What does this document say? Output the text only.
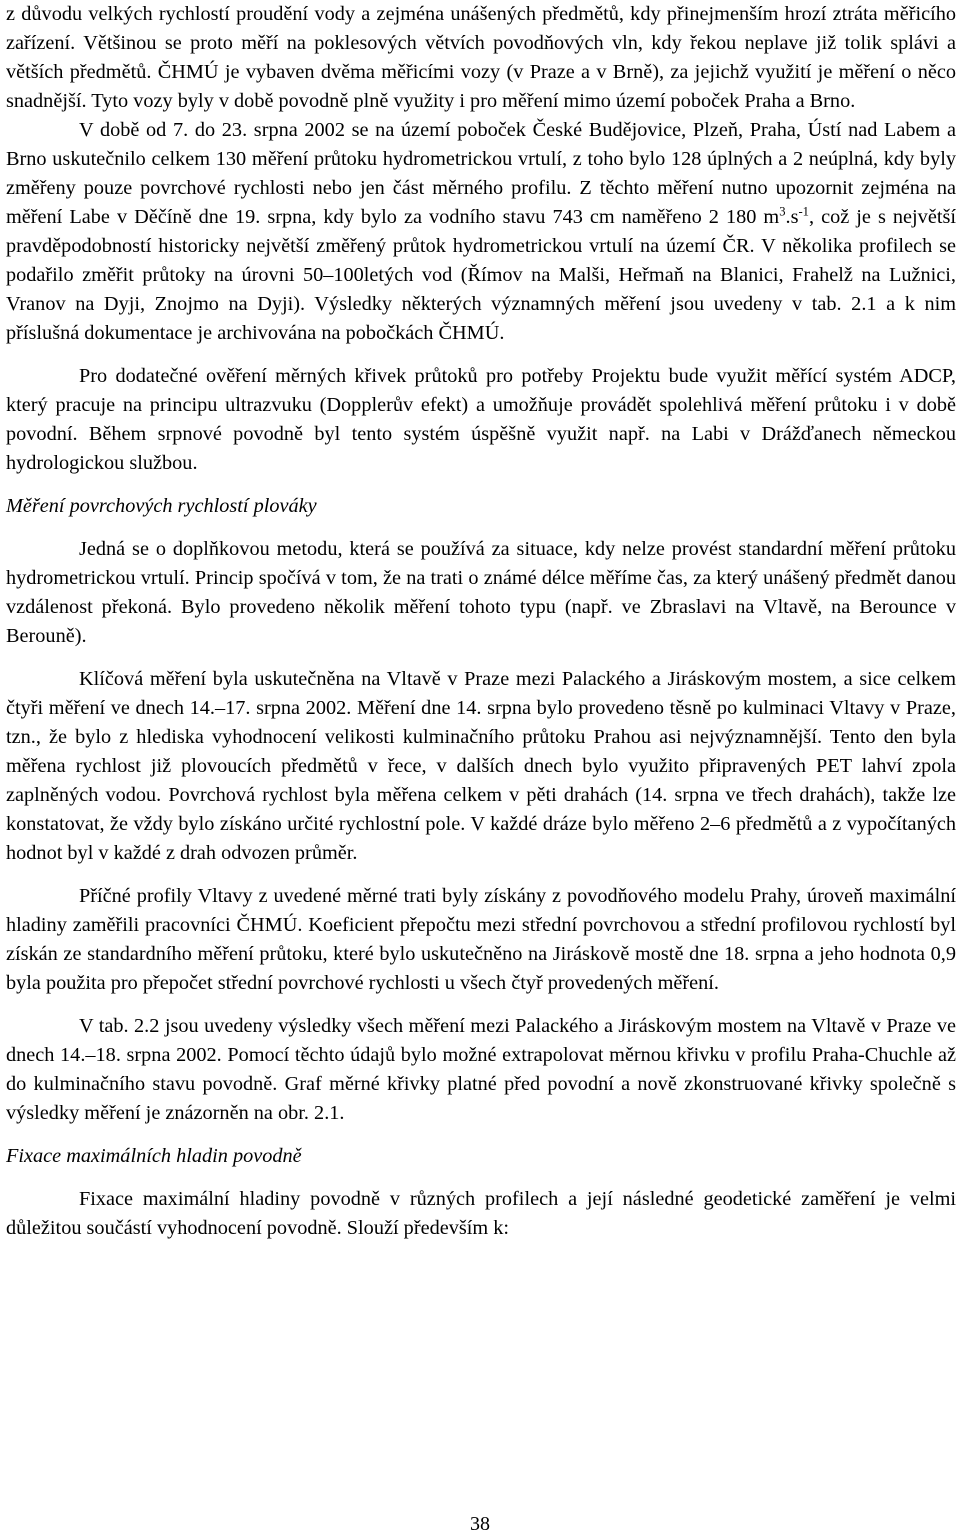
z důvodu velkých rychlostí proudění vody a zejména unášených předmětů, kdy přinejmenším hrozí ztráta měřicího zařízení. Většinou se proto měří na poklesových větvích povodňových vln, kdy řekou neplave již tolik splávi a větších předmětů. ČHMÚ je vybaven dvěma měřicími vozy (v Praze a v Brně), za jejichž využití je měření o něco snadnější. Tyto vozy byly v době povodně plně využity i pro měření mimo území poboček Praha a Brno.

V době od 7. do 23. srpna 2002 se na území poboček České Budějovice, Plzeň, Praha, Ústí nad Labem a Brno uskutečnilo celkem 130 měření průtoku hydrometrickou vrtulí, z toho bylo 128 úplných a 2 neúplná, kdy byly změřeny pouze povrchové rychlosti nebo jen část měrného profilu. Z těchto měření nutno upozornit zejména na měření Labe v Děčíně dne 19. srpna, kdy bylo za vodního stavu 743 cm naměřeno 2 180 $m^3.s^{-1}$, což je s největší pravděpodobností historicky největší změřený průtok hydrometrickou vrtulí na území ČR. V několika profilech se podařilo změřit průtoky na úrovni 50–100letých vod (Římov na Malši, Heřmaň na Blanici, Frahelž na Lužnici, Vranov na Dyji, Znojmo na Dyji). Výsledky některých významných měření jsou uvedeny v tab. 2.1 a k nim příslušná dokumentace je archivována na pobočkách ČHMÚ.

Pro dodatečné ověření měrných křivek průtoků pro potřeby Projektu bude využit měřící systém ADCP, který pracuje na principu ultrazvuku (Dopplerův efekt) a umožňuje provádět spolehlivá měření průtoku i v době povodní. Během srpnové povodně byl tento systém úspěšně využit např. na Labi v Drážďanech německou hydrologickou službou.

Měření povrchových rychlostí plováky

Jedná se o doplňkovou metodu, která se používá za situace, kdy nelze provést standardní měření průtoku hydrometrickou vrtulí. Princip spočívá v tom, že na trati o známé délce měříme čas, za který unášený předmět danou vzdálenost překoná. Bylo provedeno několik měření tohoto typu (např. ve Zbraslavi na Vltavě, na Berounce v Berouně).

Klíčová měření byla uskutečněna na Vltavě v Praze mezi Palackého a Jiráskovým mostem, a sice celkem čtyři měření ve dnech 14.–17. srpna 2002. Měření dne 14. srpna bylo provedeno těsně po kulminaci Vltavy v Praze, tzn., že bylo z hlediska vyhodnocení velikosti kulminačního průtoku Prahou asi nejvýznamnější. Tento den byla měřena rychlost již plovoucích předmětů v řece, v dalších dnech bylo využito připravených PET lahví zpola zaplněných vodou. Povrchová rychlost byla měřena celkem v pěti drahách (14. srpna ve třech drahách), takže lze konstatovat, že vždy bylo získáno určité rychlostní pole. V každé dráze bylo měřeno 2–6 předmětů a z vypočítaných hodnot byl v každé z drah odvozen průměr.

Příčné profily Vltavy z uvedené měrné trati byly získány z povodňového modelu Prahy, úroveň maximální hladiny zaměřili pracovníci ČHMÚ. Koeficient přepočtu mezi střední povrchovou a střední profilovou rychlostí byl získán ze standardního měření průtoku, které bylo uskutečněno na Jiráskově mostě dne 18. srpna a jeho hodnota 0,9 byla použita pro přepočet střední povrchové rychlosti u všech čtyř provedených měření.

V tab. 2.2 jsou uvedeny výsledky všech měření mezi Palackého a Jiráskovým mostem na Vltavě v Praze ve dnech 14.–18. srpna 2002. Pomocí těchto údajů bylo možné extrapolovat měrnou křivku v profilu Praha-Chuchle až do kulminačního stavu povodně. Graf měrné křivky platné před povodní a nově zkonstruované křivky společně s výsledky měření je znázorněn na obr. 2.1.

Fixace maximálních hladin povodně

Fixace maximální hladiny povodně v různých profilech a její následné geodetické zaměření je velmi důležitou součástí vyhodnocení povodně. Slouží především k:

38
